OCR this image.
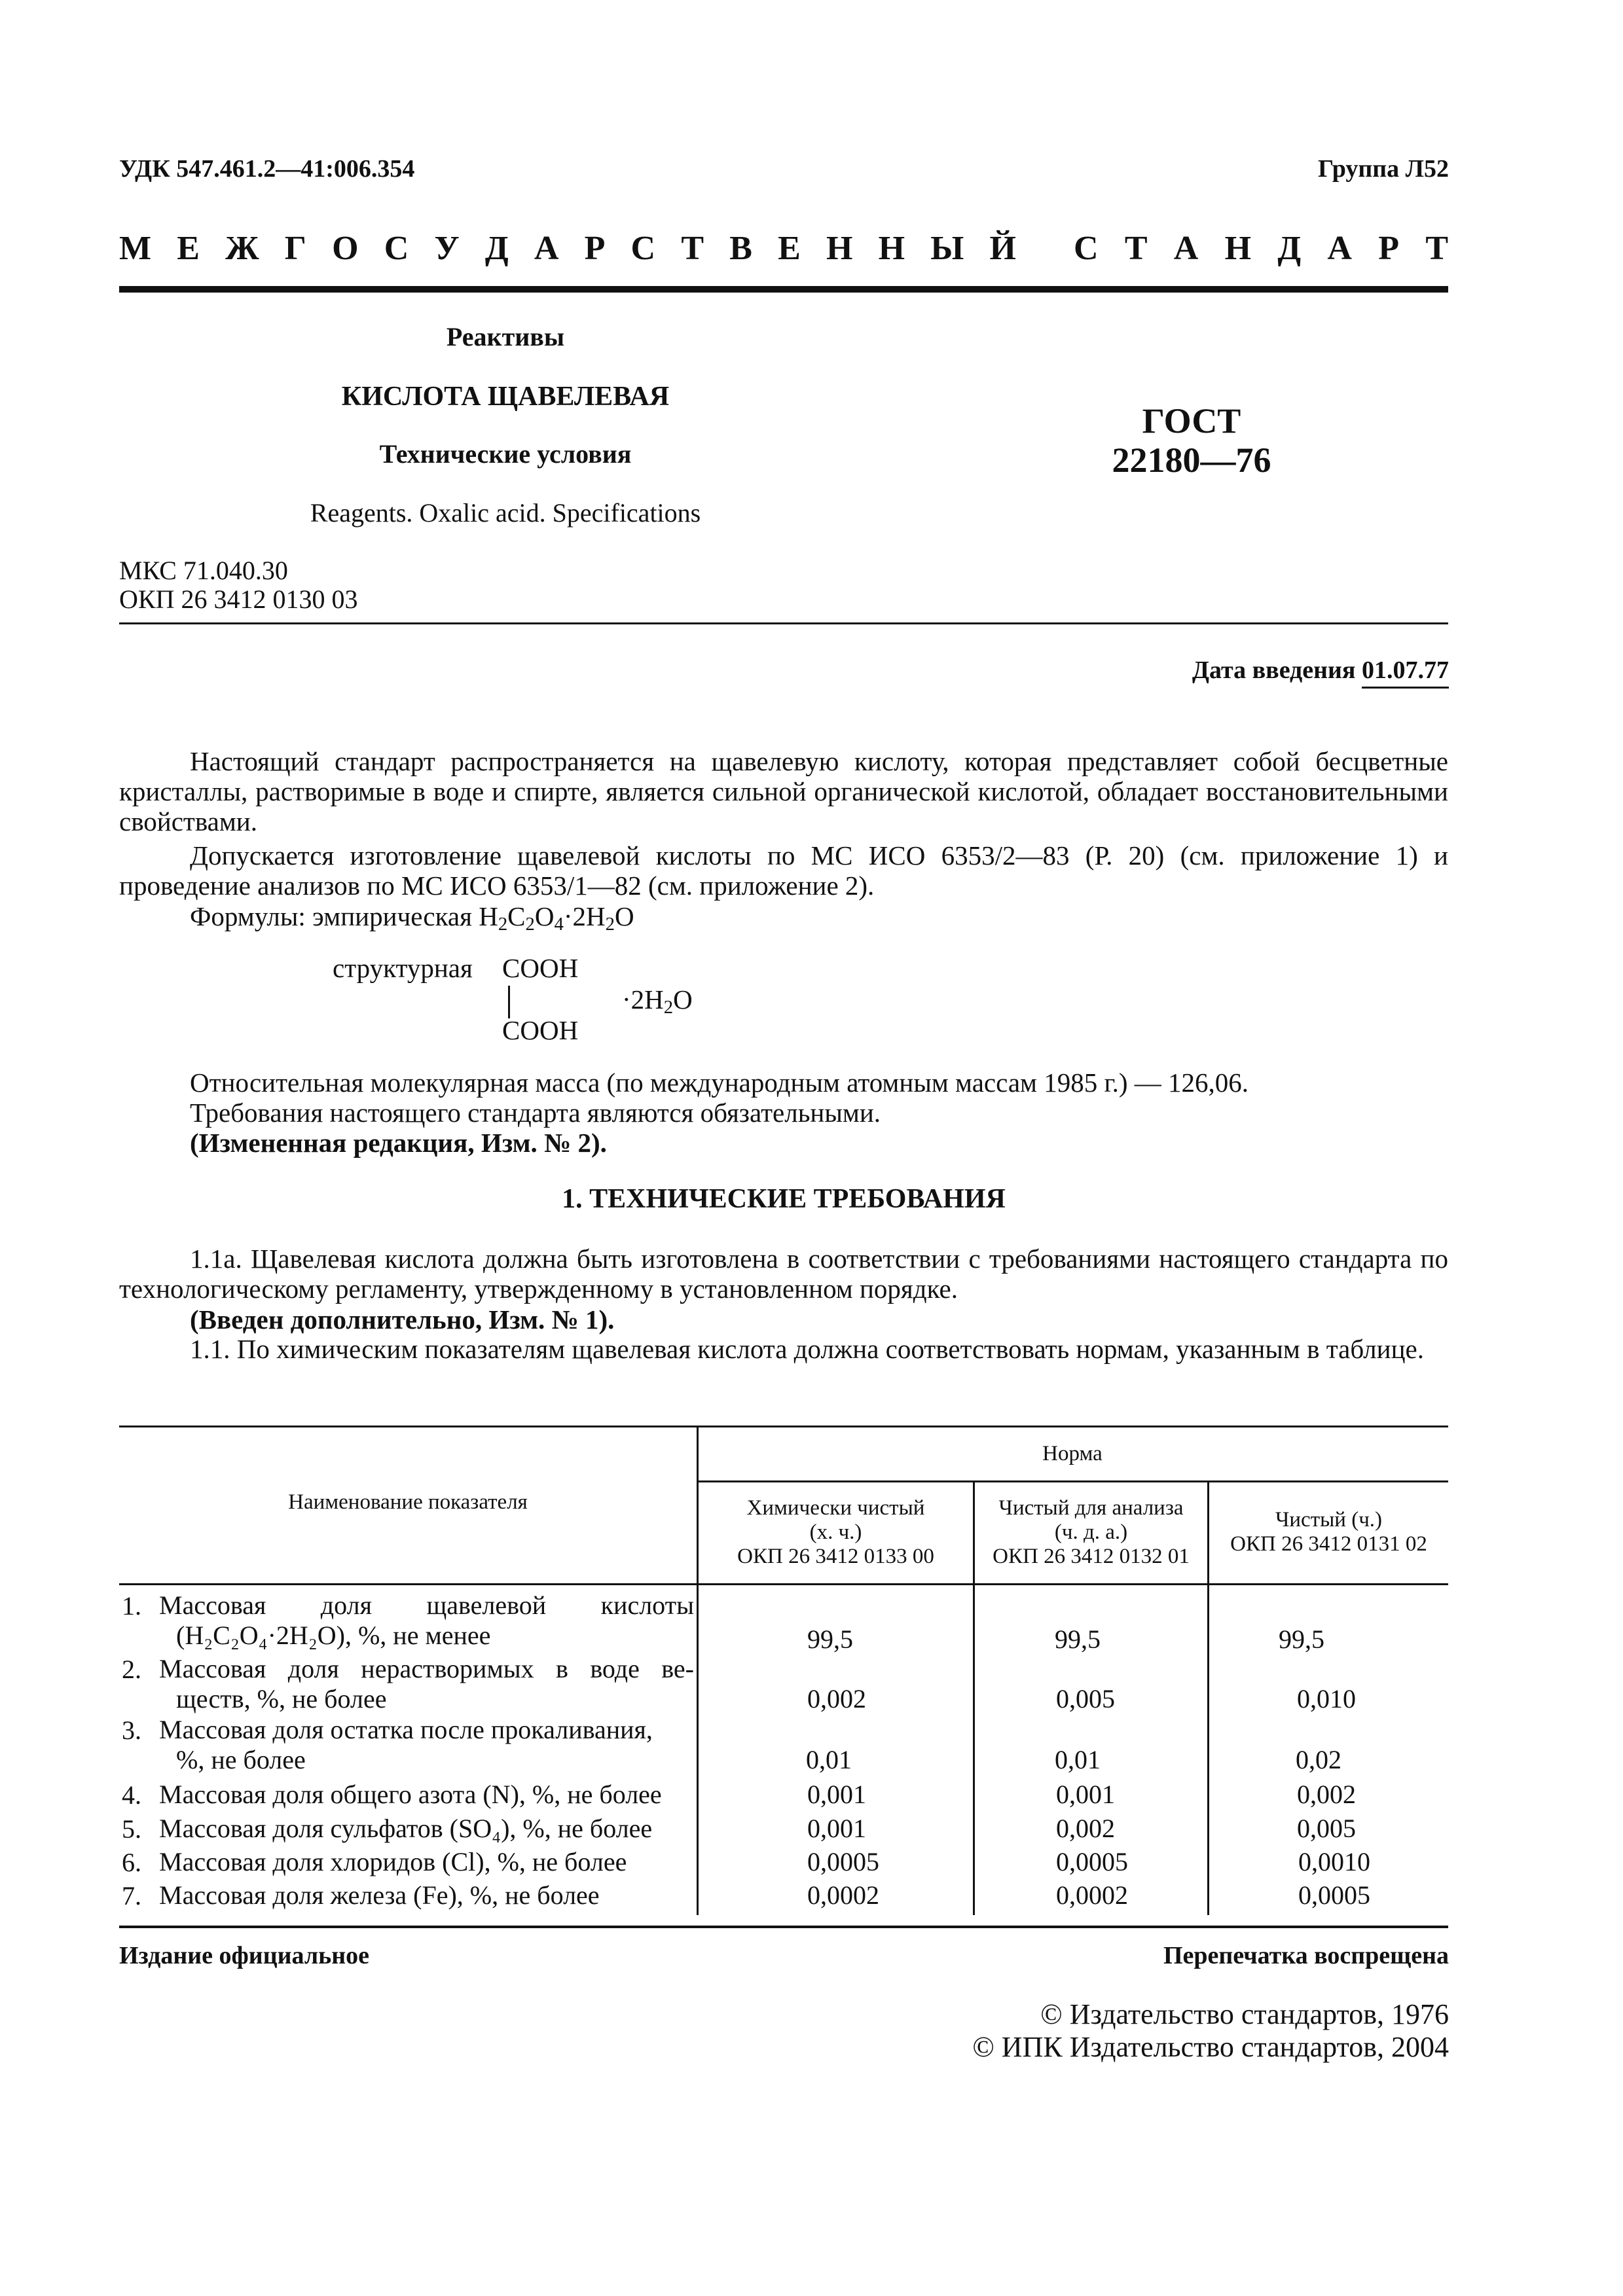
УДК 547.461.2—41:006.354	Группа Л52
М Е Ж Г О С У Д А Р С Т В Е Н Н Ы Й С Т А Н Д А Р Т
Реактивы
КИСЛОТА ЩАВЕЛЕВАЯ
Технические условия
Reagents. Oxalic acid. Specifications
ГОСТ
22180—76
МКС 71.040.30
ОКП 26 3412 0130 03
Дата введения 01.07.77
Настоящий стандарт распространяется на щавелевую кислоту, которая представляет собой бесцветные кристаллы, растворимые в воде и спирте, является сильной органической кислотой, обладает восстановительными свойствами.
Допускается изготовление щавелевой кислоты по МС ИСО 6353/2—83 (Р. 20) (см. приложение 1) и проведение анализов по МС ИСО 6353/1—82 (см. приложение 2).
Формулы: эмпирическая $H_2C_2O_4\cdot 2H_2O$
структурная COOH
$\cdot 2H_2O$
COOH
Относительная молекулярная масса (по международным атомным массам 1985 г.) — 126,06.
Требования настоящего стандарта являются обязательными.
(Измененная редакция, Изм. № 2).
1. ТЕХНИЧЕСКИЕ ТРЕБОВАНИЯ
1.1а. Щавелевая кислота должна быть изготовлена в соответствии с требованиями настоящего стандарта по технологическому регламенту, утвержденному в установленном порядке.
(Введен дополнительно, Изм. № 1).
1.1. По химическим показателям щавелевая кислота должна соответствовать нормам, указанным в таблице.
Наименование показателя
Норма
Химически чистый
(х. ч.)
ОКП 26 3412 0133 00
Чистый для анализа
(ч. д. а.)
ОКП 26 3412 0132 01
Чистый (ч.)
ОКП 26 3412 0131 02
1. Массовая доля щавелевой кислоты
(H₂C₂O₄·2H₂O), %, не менее	99,5	99,5	99,5
2. Массовая доля нерастворимых в воде ве-
ществ, %, не более	0,002	0,005	0,010
3. Массовая доля остатка после прокаливания,
%, не более	0,01	0,01	0,02
4. Массовая доля общего азота (N), %, не более	0,001	0,001	0,002
5. Массовая доля сульфатов (SO₄), %, не более	0,001	0,002	0,005
6. Массовая доля хлоридов (Cl), %, не более	0,0005	0,0005	0,0010
7. Массовая доля железа (Fe), %, не более	0,0002	0,0002	0,0005
Издание официальное	Перепечатка воспрещена
© Издательство стандартов, 1976
© ИПК Издательство стандартов, 2004
